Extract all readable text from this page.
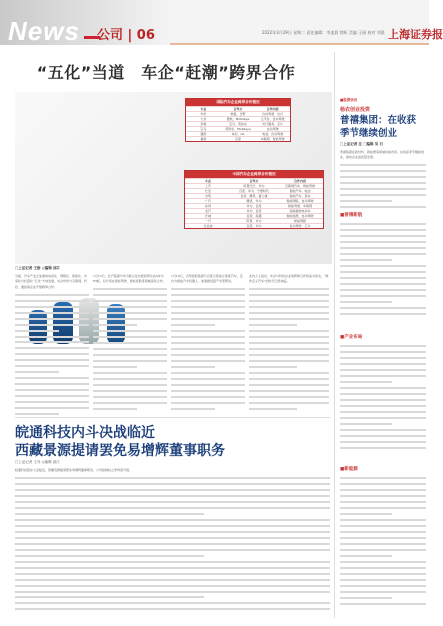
News 公司 | 06	2022年3月29日 星期二 责任编辑：李凌晨 徐昕 美编 王丽 校对 刘晨 上海证券报
“五化”当道　车企“赶潮”跨界合作
国际汽车企业跨界合作情况
车企	合作方	合作内容
丰田	软银、日野	自动驾驶、出行
大众	微软、Mobileye	云平台、自动驾驶
奔驰	宝马、英伟达	出行服务、芯片
宝马	英特尔、Mobileye	自动驾驶
通用	本田、LG	电池、自动驾驶
福特	百度	车联网、智能驾驶
中国汽车企业跨界合作情况
车企	合作方	合作内容
上汽	阿里巴巴、华为	互联网汽车、智能驾驶
长安	百度、华为、宁德时代	智能汽车、电池
吉利	百度、腾讯、富士康	智能汽车、造车
广汽	腾讯、华为	智能网联、自动驾驶
东风	华为、百度	智能驾驶、车联网
北汽	华为、百度	高端智能电动车
长城	百度、高通	智能座舱、自动驾驶
一汽	阿里、华为	智能网联
比亚迪	百度、华为	自动驾驶、芯片
□上证记者 王舫 ◎编辑 邱江
当前，汽车产业正加速向电动化、网联化、智能化、共享化与轻量化“五化”方向发展，车企纷纷与互联网、科技、通信等企业开展跨界合作。
1月15日，北汽集团与华为联合发布极狐阿尔法S华为HI版，双方将在智能驾驶、智能座舱等领域深化合作。
1月18日，吉利控股集团与百度合资成立集度汽车，定位为智能汽车机器人，加速推进量产车型研发。
业内人士指出，车企与科技企业的跨界合作将成为常态，“软件定义汽车”的时代已经来临。
皖通科技内斗决战临近
西藏景源提请罢免易增辉董事职务
□上证记者 王乔 ◎编辑 邱江
皖通科技股东大会临近，西藏景源提请罢免易增辉董事职务，公司控制权之争再度升级。
■股票快讯
杨农创业投资
普禧集团：在收获季节继续创业
□上证记者 汪 □编辑 吴 石
普禧集团在新材料、新能源等领域持续布局，在收获季节继续创业，推动企业高质量发展。
■普禧新航
■产业布局
■新能源
